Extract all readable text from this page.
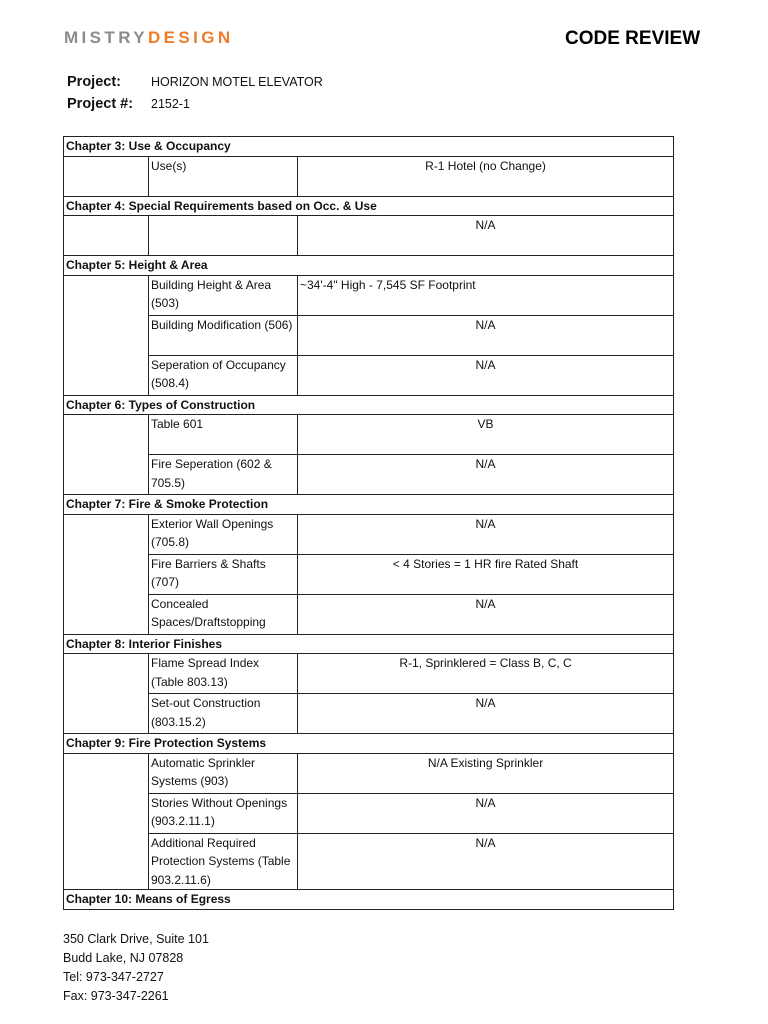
MISTRYDESIGN	CODE REVIEW
Project: HORIZON MOTEL ELEVATOR
Project #: 2152-1
Chapter 3: Use & Occupancy		
	Use(s)	R-1 Hotel (no Change)
Chapter 4: Special Requirements based on Occ. & Use		
		N/A
Chapter 5: Height & Area		
	Building Height & Area (503)	~34'-4" High - 7,545 SF Footprint
	Building Modification (506)	N/A
	Seperation of Occupancy (508.4)	N/A
Chapter 6: Types of Construction		
	Table 601	VB
	Fire Seperation (602 & 705.5)	N/A
Chapter 7: Fire & Smoke Protection		
	Exterior Wall Openings (705.8)	N/A
	Fire Barriers & Shafts (707)	< 4 Stories = 1 HR fire Rated Shaft
	Concealed Spaces/Draftstopping	N/A
Chapter 8: Interior Finishes		
	Flame Spread Index (Table 803.13)	R-1, Sprinklered = Class B, C, C
	Set-out Construction (803.15.2)	N/A
Chapter 9: Fire Protection Systems		
	Automatic Sprinkler Systems (903)	N/A Existing Sprinkler
	Stories Without Openings (903.2.11.1)	N/A
	Additional Required Protection Systems (Table 903.2.11.6)	N/A
Chapter 10: Means of Egress		
350 Clark Drive, Suite 101
Budd Lake, NJ 07828
Tel: 973-347-2727
Fax: 973-347-2261
